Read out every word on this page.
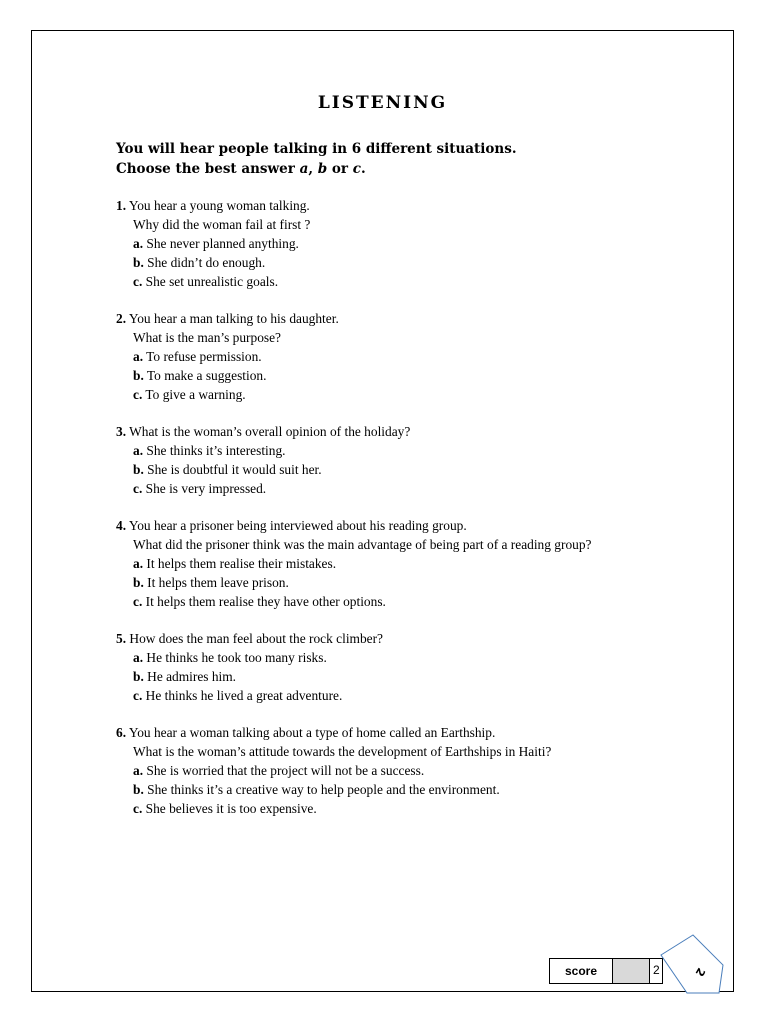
LISTENING
You will hear people talking in 6 different situations.
Choose the best answer a, b or c.
1. You hear a young woman talking.
Why did the woman fail at first ?
a. She never planned anything.
b. She didn’t do enough.
c. She set unrealistic goals.
2. You hear a man talking to his daughter.
What is the man’s purpose?
a. To refuse permission.
b. To make a suggestion.
c. To give a warning.
3. What is the woman’s overall opinion of the holiday?
a. She thinks it’s interesting.
b. She is doubtful it would suit her.
c. She is very impressed.
4. You hear a prisoner being interviewed about his reading group.
What did the prisoner think was the main advantage of being part of a reading group?
a. It helps them realise their mistakes.
b. It helps them leave prison.
c. It helps them realise they have other options.
5. How does the man feel about the rock climber?
a. He thinks he took too many risks.
b. He admires him.
c. He thinks he lived a great adventure.
6. You hear a woman talking about a type of home called an Earthship.
What is the woman’s attitude towards the development of Earthships in Haiti?
a. She is worried that the project will not be a success.
b. She thinks it’s a creative way to help people and the environment.
c. She believes it is too expensive.
score	2	2
